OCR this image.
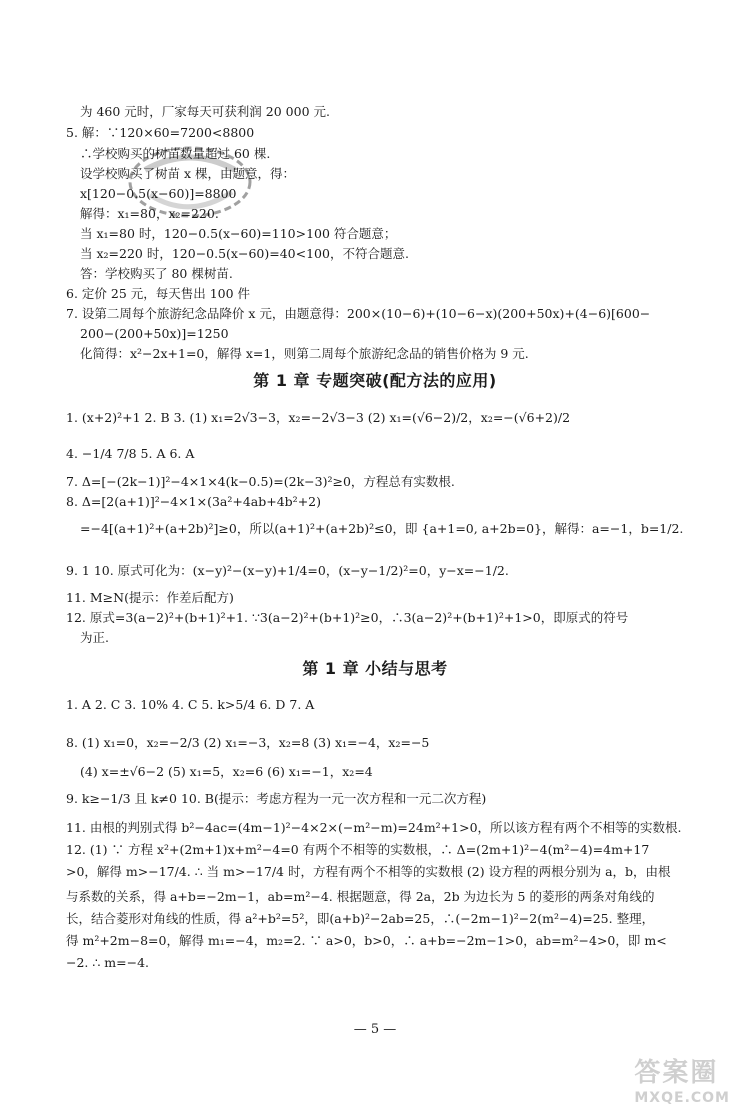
为 460 元时，厂家每天可获利润 20 000 元.
5. 解：∵120×60=7200<8800
∴学校购买的树苗数量超过 60 棵.
设学校购买了树苗 x 棵，由题意，得：
x[120−0.5(x−60)]=8800
解得：x₁=80，x₂=220.
当 x₁=80 时，120−0.5(x−60)=110>100 符合题意；
当 x₂=220 时，120−0.5(x−60)=40<100，不符合题意.
答：学校购买了 80 棵树苗.
6. 定价 25 元，每天售出 100 件
7. 设第二周每个旅游纪念品降价 x 元，由题意得：200×(10−6)+(10−6−x)(200+50x)+(4−6)[600−
200−(200+50x)]=1250
化简得：x²−2x+1=0，解得 x=1，则第二周每个旅游纪念品的销售价格为 9 元.
第 1 章 专题突破(配方法的应用)
1. (x+2)²+1 2. B 3. (1) x₁=2√3−3，x₂=−2√3−3 (2) x₁=(√6−2)/2，x₂=−(√6+2)/2
4. −1/4 7/8 5. A 6. A
7. Δ=[−(2k−1)]²−4×1×4(k−0.5)=(2k−3)²≥0，方程总有实数根.
8. Δ=[2(a+1)]²−4×1×(3a²+4ab+4b²+2)
=−4[(a+1)²+(a+2b)²]≥0，所以(a+1)²+(a+2b)²≤0，即 {a+1=0, a+2b=0}，解得：a=−1，b=1/2.
9. 1 10. 原式可化为：(x−y)²−(x−y)+1/4=0，(x−y−1/2)²=0，y−x=−1/2.
11. M≥N(提示：作差后配方)
12. 原式=3(a−2)²+(b+1)²+1. ∵3(a−2)²+(b+1)²≥0，∴3(a−2)²+(b+1)²+1>0，即原式的符号
为正.
第 1 章 小结与思考
1. A 2. C 3. 10% 4. C 5. k>5/4 6. D 7. A
8. (1) x₁=0，x₂=−2/3 (2) x₁=−3，x₂=8 (3) x₁=−4，x₂=−5
(4) x=±√6−2 (5) x₁=5，x₂=6 (6) x₁=−1，x₂=4
9. k≥−1/3 且 k≠0 10. B(提示：考虑方程为一元一次方程和一元二次方程)
11. 由根的判别式得 b²−4ac=(4m−1)²−4×2×(−m²−m)=24m²+1>0，所以该方程有两个不相等的实数根.
12. (1) ∵ 方程 x²+(2m+1)x+m²−4=0 有两个不相等的实数根，∴ Δ=(2m+1)²−4(m²−4)=4m+17
>0，解得 m>−17/4. ∴ 当 m>−17/4 时，方程有两个不相等的实数根 (2) 设方程的两根分别为 a，b，由根
与系数的关系，得 a+b=−2m−1，ab=m²−4. 根据题意，得 2a，2b 为边长为 5 的菱形的两条对角线的
长，结合菱形对角线的性质，得 a²+b²=5²，即(a+b)²−2ab=25，∴(−2m−1)²−2(m²−4)=25. 整理，
得 m²+2m−8=0，解得 m₁=−4，m₂=2. ∵ a>0，b>0，∴ a+b=−2m−1>0，ab=m²−4>0，即 m<
−2. ∴ m=−4.
— 5 —
答案圈
MXQE.COM
